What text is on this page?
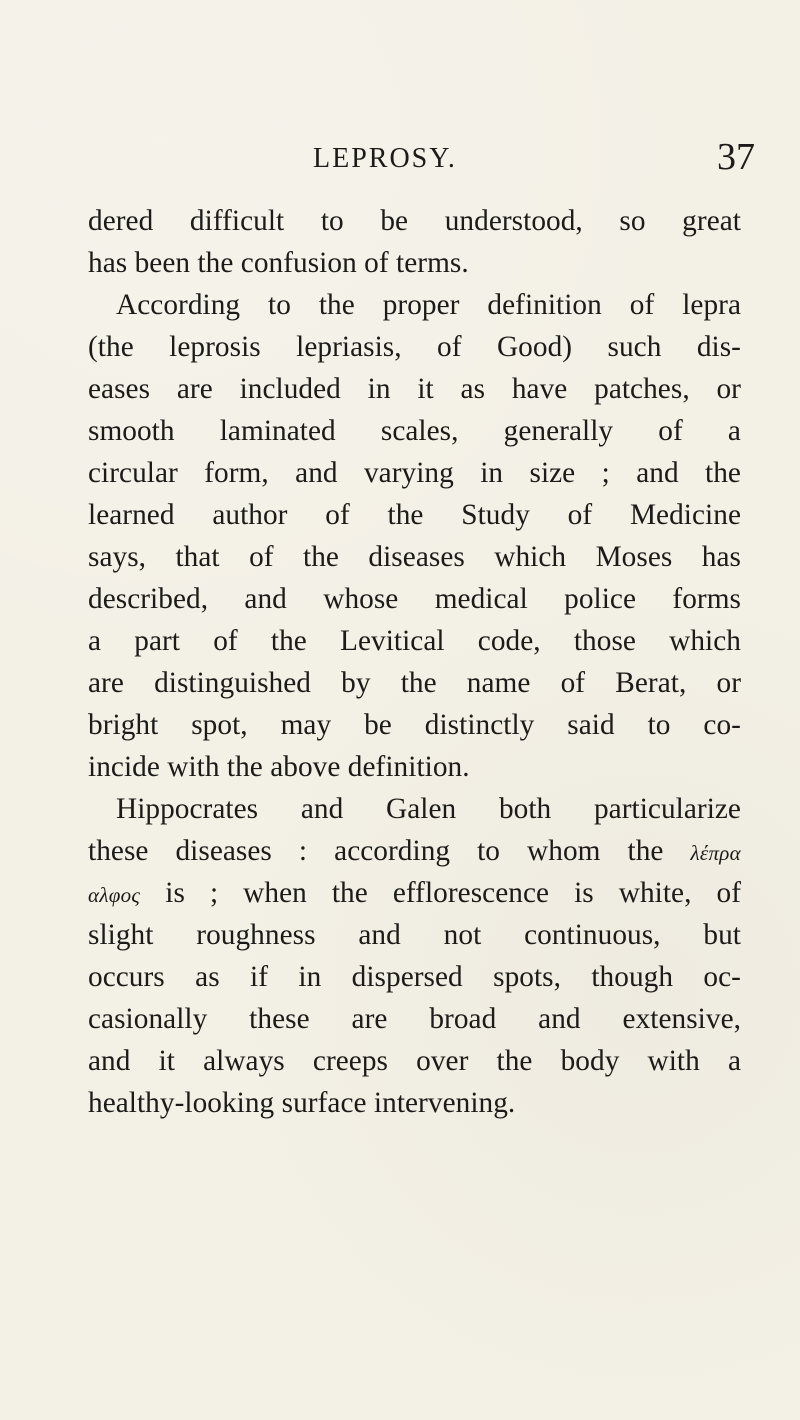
LEPROSY.	37
dered difficult to be understood, so great
has been the confusion of terms.
According to the proper definition of lepra
(the leprosis lepriasis, of Good) such dis-
eases are included in it as have patches, or
smooth laminated scales, generally of a
circular form, and varying in size ; and the
learned author of the Study of Medicine
says, that of the diseases which Moses has
described, and whose medical police forms
a part of the Levitical code, those which
are distinguished by the name of Berat, or
bright spot, may be distinctly said to co-
incide with the above definition.
Hippocrates and Galen both particularize
these diseases : according to whom the λέπρα
αλφος is ; when the efflorescence is white, of
slight roughness and not continuous, but
occurs as if in dispersed spots, though oc-
casionally these are broad and extensive,
and it always creeps over the body with a
healthy-looking surface intervening.
